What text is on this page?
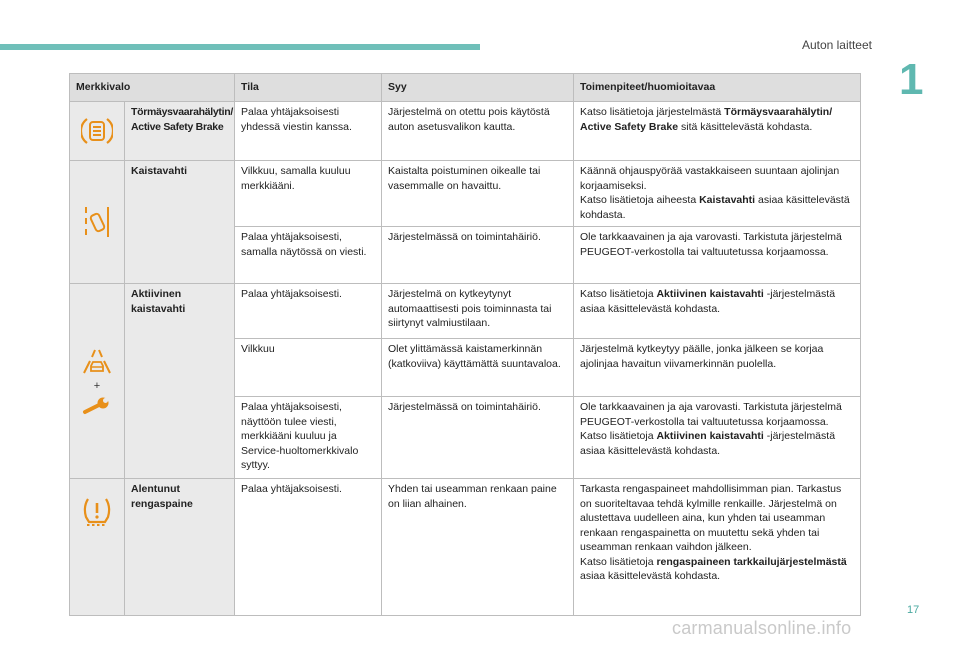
Auton laitteet
1
Merkkivalo		Tila	Syy	Toimenpiteet/huomioitavaa

	Törmäysvaarahälytin/ Active Safety Brake	Palaa yhtäjaksoisesti yhdessä viestin kanssa.	Järjestelmä on otettu pois käytöstä auton asetusvalikon kautta.	Katso lisätietoja järjestelmästä Törmäysvaarahälytin/ Active Safety Brake sitä käsittelevästä kohdasta.

	Kaistavahti	Vilkkuu, samalla kuuluu merkkiääni.	Kaistalta poistuminen oikealle tai vasemmalle on havaittu.	Käännä ohjauspyörää vastakkaiseen suuntaan ajolinjan korjaamiseksi.
Katso lisätietoja aiheesta Kaistavahti asiaa käsittelevästä kohdasta.
		Palaa yhtäjaksoisesti, samalla näytössä on viesti.	Järjestelmässä on toimintahäiriö.	Ole tarkkaavainen ja aja varovasti. Tarkistuta järjestelmä PEUGEOT-verkostolla tai valtuutetussa korjaamossa.

+	Aktiivinen kaistavahti	Palaa yhtäjaksoisesti.	Järjestelmä on kytkeytynyt automaattisesti pois toiminnasta tai siirtynyt valmiustilaan.	Katso lisätietoja Aktiivinen kaistavahti -järjestelmästä asiaa käsittelevästä kohdasta.
		Vilkkuu	Olet ylittämässä kaistamerkinnän (katkoviiva) käyttämättä suuntavaloa.	Järjestelmä kytkeytyy päälle, jonka jälkeen se korjaa ajolinjaa havaitun viivamerkinnän puolella.
		Palaa yhtäjaksoisesti, näyttöön tulee viesti, merkkiääni kuuluu ja Service-huoltomerkkivalo syttyy.	Järjestelmässä on toimintahäiriö.	Ole tarkkaavainen ja aja varovasti. Tarkistuta järjestelmä PEUGEOT-verkostolla tai valtuutetussa korjaamossa.
Katso lisätietoja Aktiivinen kaistavahti -järjestelmästä asiaa käsittelevästä kohdasta.

	Alentunut rengaspaine	Palaa yhtäjaksoisesti.	Yhden tai useamman renkaan paine on liian alhainen.	Tarkasta rengaspaineet mahdollisimman pian. Tarkastus on suoriteltavaa tehdä kylmille renkaille. Järjestelmä on alustettava uudelleen aina, kun yhden tai useamman renkaan rengaspainetta on muutettu sekä yhden tai useamman renkaan vaihdon jälkeen.
Katso lisätietoja rengaspaineen tarkkailujärjestelmästä asiaa käsittelevästä kohdasta.
17
carmanualsonline.info
